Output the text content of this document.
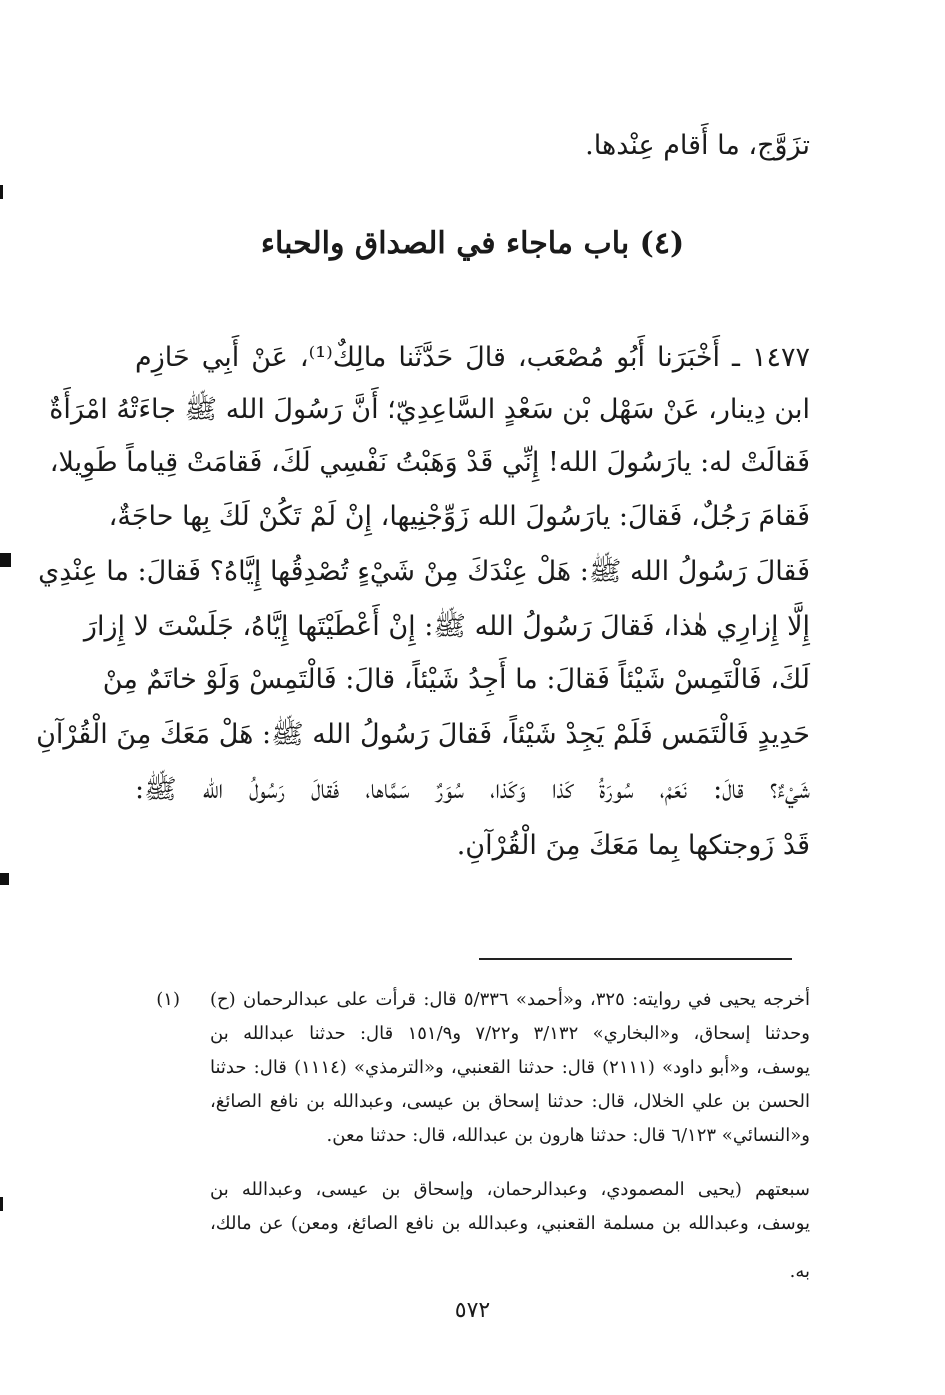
تزَوَّج، ما أَقام عِنْدها.
(٤) باب ماجاء في الصداق والحباء
١٤٧٧ ـ أَخْبَرَنا أَبُو مُصْعَب، قالَ حَدَّثَنا مالِكٌ⁽¹⁾، عَنْ أَبِي حَازِم
ابن دِينار، عَنْ سَهْل بْن سَعْدٍ السَّاعِدِيّ؛ أَنَّ رَسُولَ الله ﷺ جاءَتْهُ امْرَأَةٌ
فَقالَتْ له: يارَسُولَ الله! إِنِّي قَدْ وَهَبْتُ نَفْسِي لَكَ، فَقامَتْ قِياماً طَوِيلا،
فَقامَ رَجُلٌ، فَقالَ: يارَسُولَ الله زَوِّجْنِيها، إِنْ لَمْ تَكُنْ لَكَ بِها حاجَةٌ،
فَقالَ رَسُولُ الله ﷺ: هَلْ عِنْدَكَ مِنْ شَيْءٍ تُصْدِقُها إِيَّاهُ؟ فَقالَ: ما عِنْدِي
إِلَّا إِزارِي هٰذا، فَقالَ رَسُولُ الله ﷺ: إِنْ أَعْطَيْتَها إِيَّاهُ، جَلَسْتَ لا إِزارَ
لَكَ، فَالْتَمِسْ شَيْئاً فَقالَ: ما أَجِدُ شَيْئاً، قالَ: فَالْتَمِسْ وَلَوْ خاتَمٌ مِنْ
حَدِيدٍ فَالْتَمَس فَلَمْ يَجِدْ شَيْئاً، فَقالَ رَسُولُ الله ﷺ: هَلْ مَعَكَ مِنَ الْقُرْآنِ
شَيْءٌ؟ قالَ: نَعَمْ، سُورَةُ كَذا وَكَذا، سُوَرٌ سَمَّاها، فَقالَ رَسُولُ الله ﷺ:
قَدْ زَوجتكها بِما مَعَكَ مِنَ الْقُرْآنِ.
(١) أخرجه يحيى في روايته: ٣٢٥، و«أحمد» ٥/٣٣٦ قال: قرأت على عبدالرحمان (ح)
وحدثنا إسحاق، و«البخاري» ٣/١٣٢ و٧/٢٢ و١٥١/٩ قال: حدثنا عبدالله بن
يوسف، و«أبو داود» (٢١١١) قال: حدثنا القعنبي، و«الترمذي» (١١١٤) قال: حدثنا
الحسن بن علي الخلال، قال: حدثنا إسحاق بن عيسى، وعبدالله بن نافع الصائغ،
و«النسائي» ٦/١٢٣ قال: حدثنا هارون بن عبدالله، قال: حدثنا معن.
سبعتهم (يحيى المصمودي، وعبدالرحمان، وإسحاق بن عيسى، وعبدالله بن
يوسف، وعبدالله بن مسلمة القعنبي، وعبدالله بن نافع الصائغ، ومعن) عن مالك،
به.
٥٧٢
